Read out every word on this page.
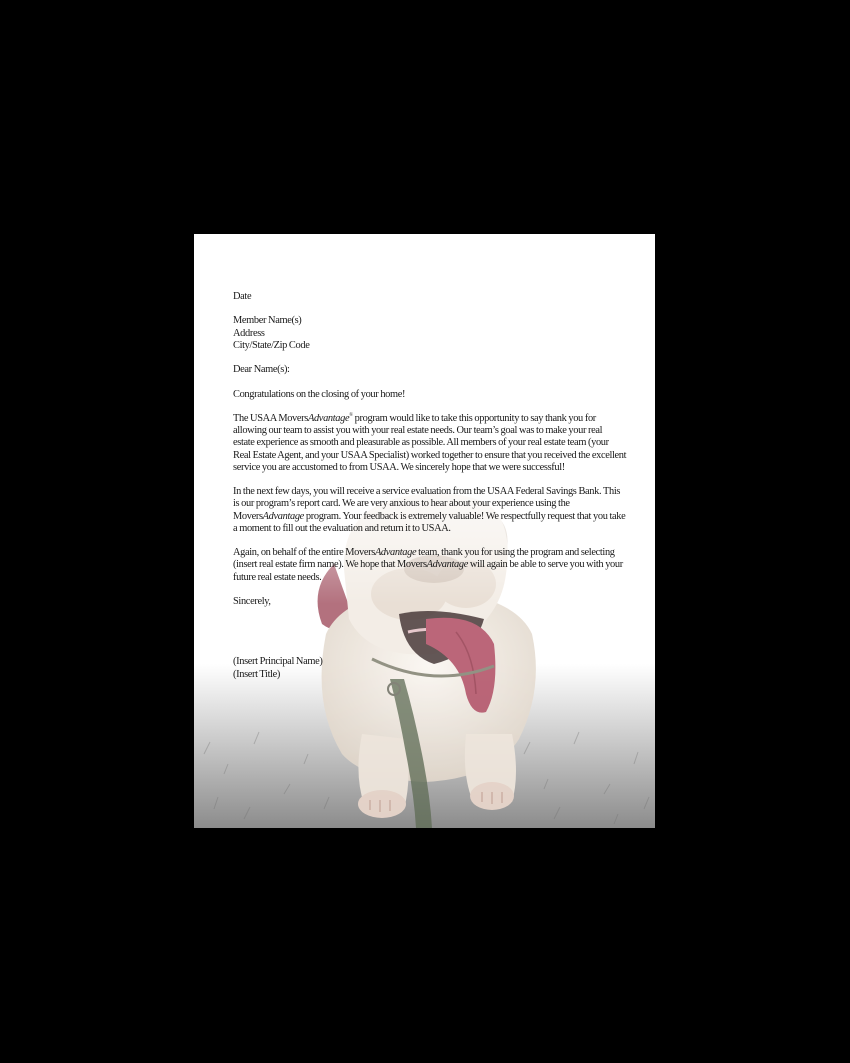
Date

Member Name(s)
Address
City/State/Zip Code

Dear Name(s):

Congratulations on the closing of your home!

The USAA MoversAdvantage® program would like to take this opportunity to say thank you for
allowing our team to assist you with your real estate needs. Our team’s goal was to make your real
estate experience as smooth and pleasurable as possible. All members of your real estate team (your
Real Estate Agent, and your USAA Specialist) worked together to ensure that you received the excellent
service you are accustomed to from USAA. We sincerely hope that we were successful!

In the next few days, you will receive a service evaluation from the USAA Federal Savings Bank. This
is our program’s report card. We are very anxious to hear about your experience using the
MoversAdvantage program. Your feedback is extremely valuable! We respectfully request that you take
a moment to fill out the evaluation and return it to USAA.

Again, on behalf of the entire MoversAdvantage team, thank you for using the program and selecting
(insert real estate firm name). We hope that MoversAdvantage will again be able to serve you with your
future real estate needs.

Sincerely,

(Insert Principal Name)
(Insert Title)
